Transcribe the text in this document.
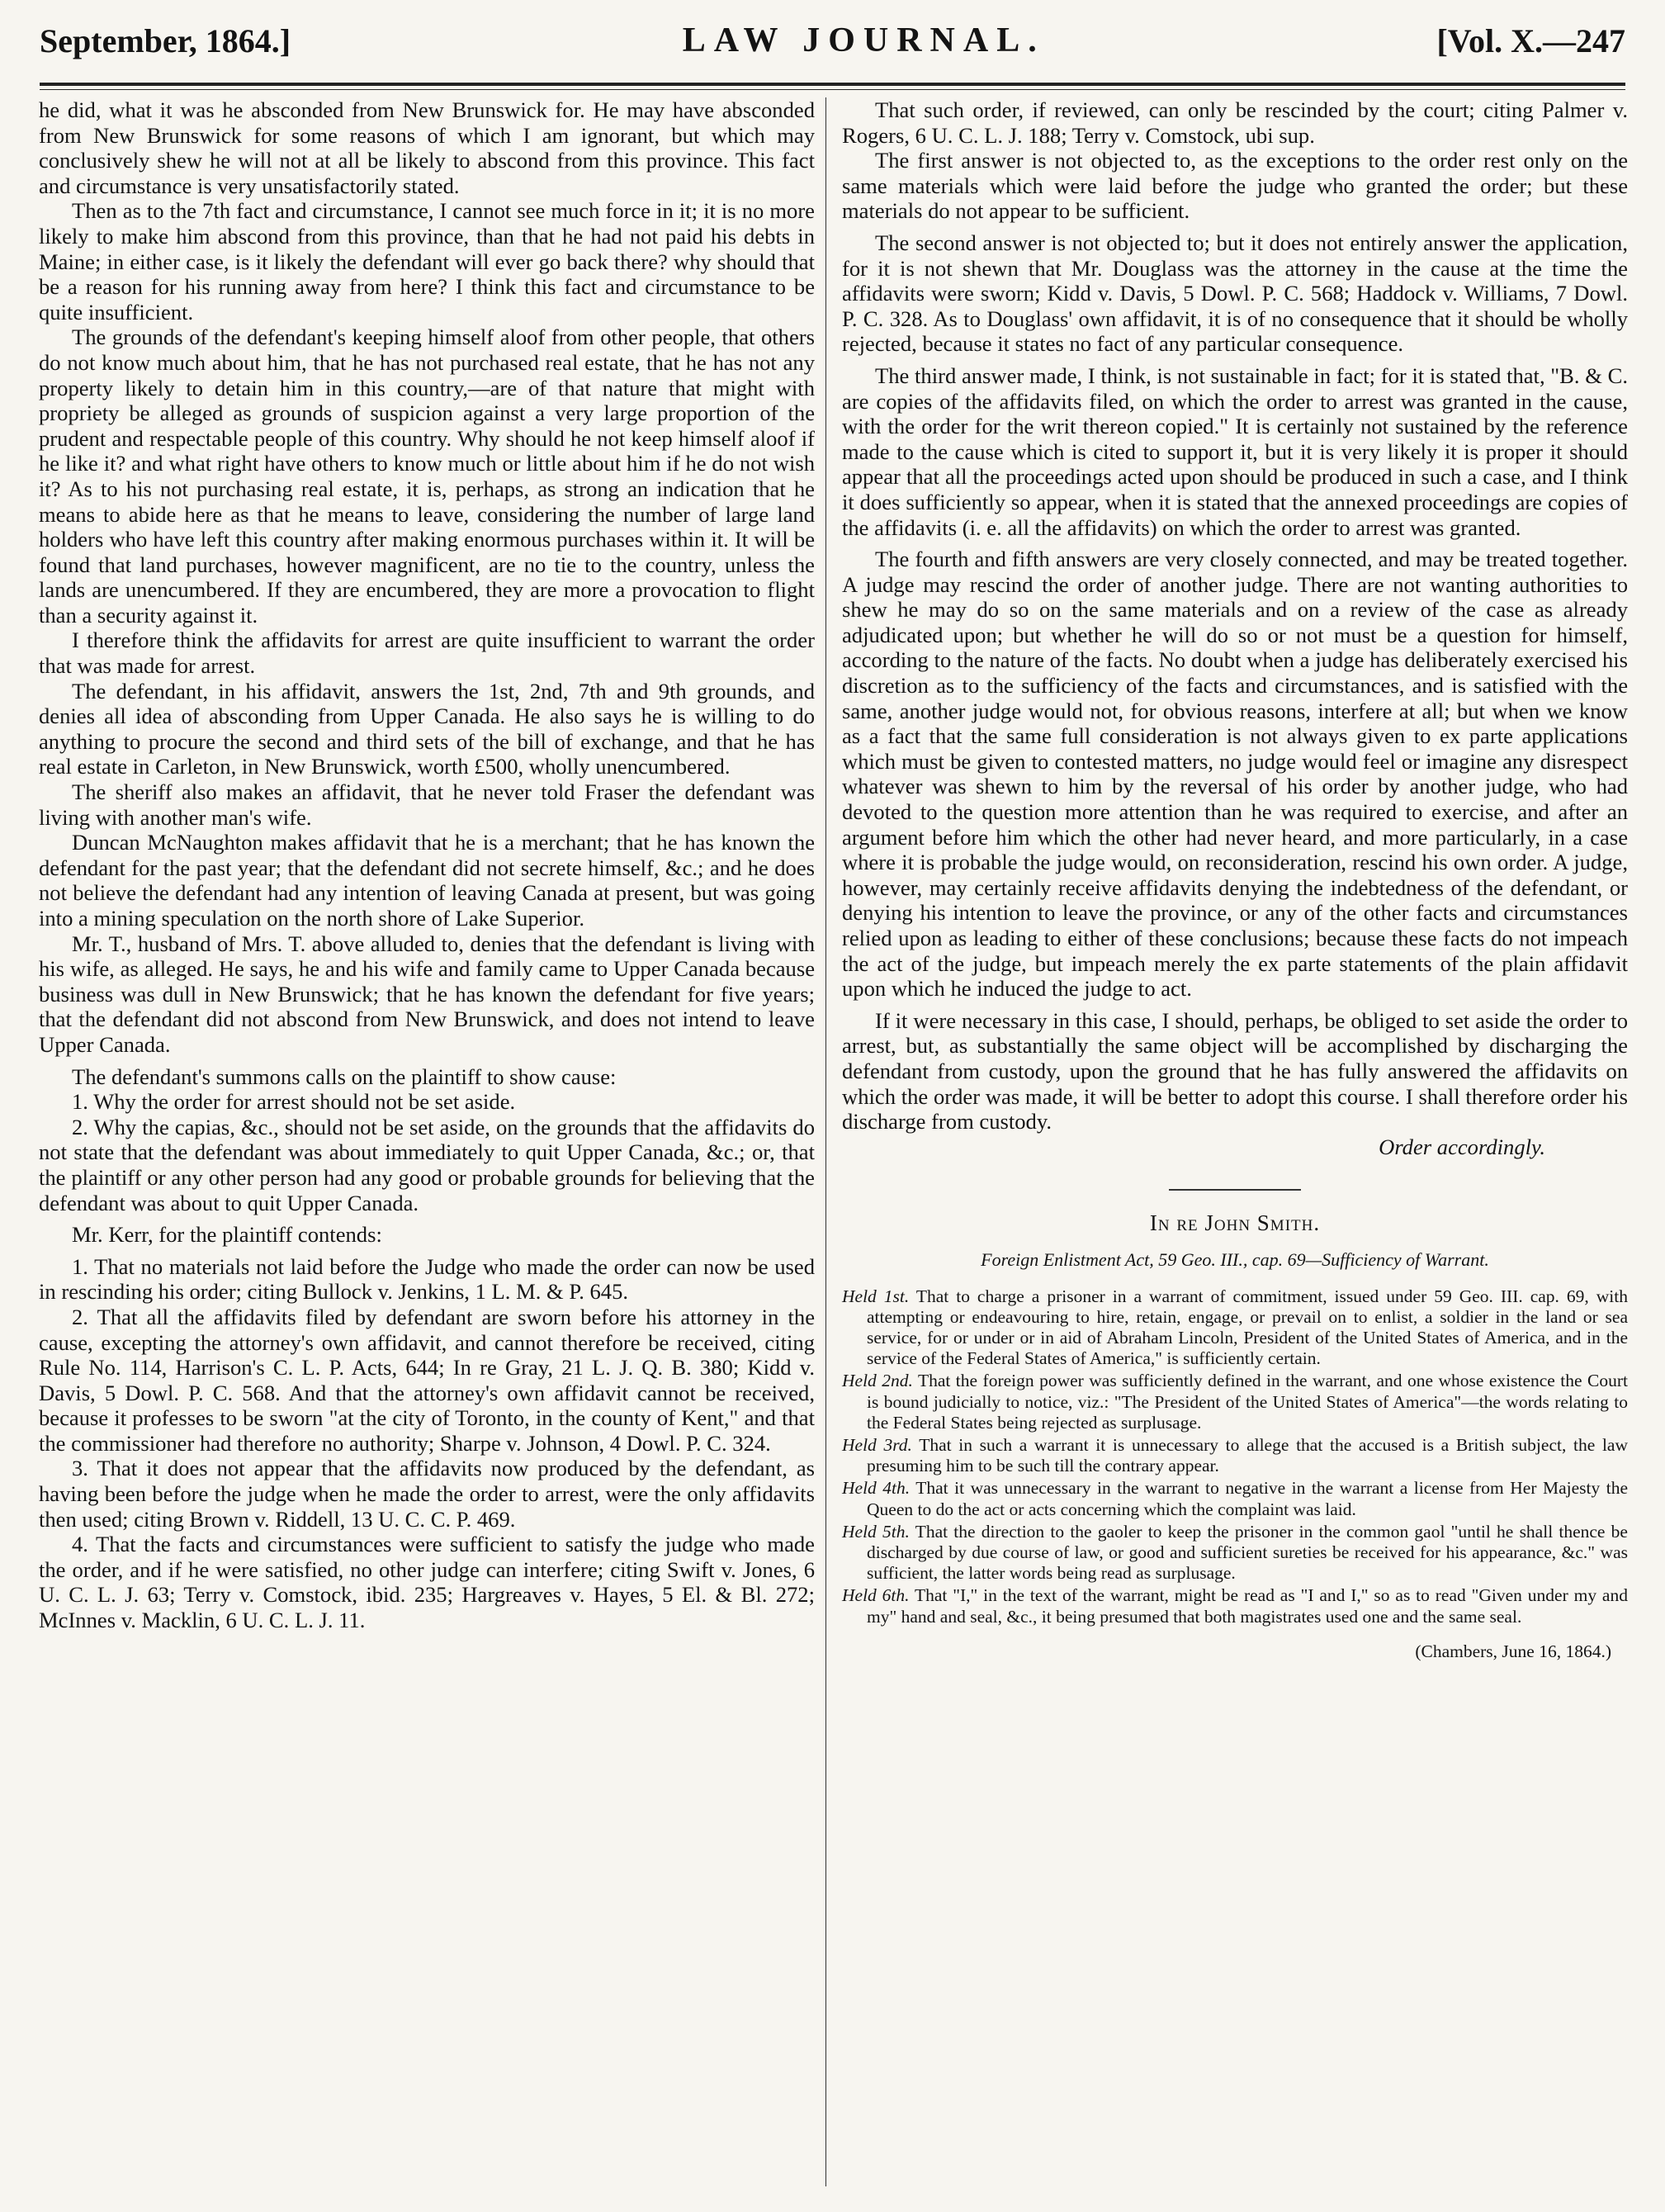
September, 1864.]	LAW JOURNAL.	[Vol. X.—247

he did, what it was he absconded from New Brunswick for. He may have absconded from New Brunswick for some reasons of which I am ignorant, but which may conclusively shew he will not at all be likely to abscond from this province. This fact and circumstance is very unsatisfactorily stated.

Then as to the 7th fact and circumstance, I cannot see much force in it; it is no more likely to make him abscond from this province, than that he had not paid his debts in Maine; in either case, is it likely the defendant will ever go back there? why should that be a reason for his running away from here? I think this fact and circumstance to be quite insufficient.

The grounds of the defendant's keeping himself aloof from other people, that others do not know much about him, that he has not purchased real estate, that he has not any property likely to detain him in this country,—are of that nature that might with propriety be alleged as grounds of suspicion against a very large proportion of the prudent and respectable people of this country. Why should he not keep himself aloof if he like it? and what right have others to know much or little about him if he do not wish it? As to his not purchasing real estate, it is, perhaps, as strong an indication that he means to abide here as that he means to leave, considering the number of large land holders who have left this country after making enormous purchases within it. It will be found that land purchases, however magnificent, are no tie to the country, unless the lands are unencumbered. If they are encumbered, they are more a provocation to flight than a security against it.

I therefore think the affidavits for arrest are quite insufficient to warrant the order that was made for arrest.

The defendant, in his affidavit, answers the 1st, 2nd, 7th and 9th grounds, and denies all idea of absconding from Upper Canada. He also says he is willing to do anything to procure the second and third sets of the bill of exchange, and that he has real estate in Carleton, in New Brunswick, worth £500, wholly unencumbered.

The sheriff also makes an affidavit, that he never told Fraser the defendant was living with another man's wife.

Duncan McNaughton makes affidavit that he is a merchant; that he has known the defendant for the past year; that the defendant did not secrete himself, &c.; and he does not believe the defendant had any intention of leaving Canada at present, but was going into a mining speculation on the north shore of Lake Superior.

Mr. T., husband of Mrs. T. above alluded to, denies that the defendant is living with his wife, as alleged. He says, he and his wife and family came to Upper Canada because business was dull in New Brunswick; that he has known the defendant for five years; that the defendant did not abscond from New Brunswick, and does not intend to leave Upper Canada.

The defendant's summons calls on the plaintiff to show cause:

1. Why the order for arrest should not be set aside.

2. Why the capias, &c., should not be set aside, on the grounds that the affidavits do not state that the defendant was about immediately to quit Upper Canada, &c.; or, that the plaintiff or any other person had any good or probable grounds for believing that the defendant was about to quit Upper Canada.

Mr. Kerr, for the plaintiff contends:

1. That no materials not laid before the Judge who made the order can now be used in rescinding his order; citing Bullock v. Jenkins, 1 L. M. & P. 645.

2. That all the affidavits filed by defendant are sworn before his attorney in the cause, excepting the attorney's own affidavit, and cannot therefore be received, citing Rule No. 114, Harrison's C. L. P. Acts, 644; In re Gray, 21 L. J. Q. B. 380; Kidd v. Davis, 5 Dowl. P. C. 568. And that the attorney's own affidavit cannot be received, because it professes to be sworn "at the city of Toronto, in the county of Kent," and that the commissioner had therefore no authority; Sharpe v. Johnson, 4 Dowl. P. C. 324.

3. That it does not appear that the affidavits now produced by the defendant, as having been before the judge when he made the order to arrest, were the only affidavits then used; citing Brown v. Riddell, 13 U. C. C. P. 469.

4. That the facts and circumstances were sufficient to satisfy the judge who made the order, and if he were satisfied, no other judge can interfere; citing Swift v. Jones, 6 U. C. L. J. 63; Terry v. Comstock, ibid. 235; Hargreaves v. Hayes, 5 El. & Bl. 272; McInnes v. Macklin, 6 U. C. L. J. 11.

That such order, if reviewed, can only be rescinded by the court; citing Palmer v. Rogers, 6 U. C. L. J. 188; Terry v. Comstock, ubi sup.

The first answer is not objected to, as the exceptions to the order rest only on the same materials which were laid before the judge who granted the order; but these materials do not appear to be sufficient.

The second answer is not objected to; but it does not entirely answer the application, for it is not shewn that Mr. Douglass was the attorney in the cause at the time the affidavits were sworn; Kidd v. Davis, 5 Dowl. P. C. 568; Haddock v. Williams, 7 Dowl. P. C. 328. As to Douglass' own affidavit, it is of no consequence that it should be wholly rejected, because it states no fact of any particular consequence.

The third answer made, I think, is not sustainable in fact; for it is stated that, "B. & C. are copies of the affidavits filed, on which the order to arrest was granted in the cause, with the order for the writ thereon copied." It is certainly not sustained by the reference made to the cause which is cited to support it, but it is very likely it is proper it should appear that all the proceedings acted upon should be produced in such a case, and I think it does sufficiently so appear, when it is stated that the annexed proceedings are copies of the affidavits (i. e. all the affidavits) on which the order to arrest was granted.

The fourth and fifth answers are very closely connected, and may be treated together. A judge may rescind the order of another judge. There are not wanting authorities to shew he may do so on the same materials and on a review of the case as already adjudicated upon; but whether he will do so or not must be a question for himself, according to the nature of the facts. No doubt when a judge has deliberately exercised his discretion as to the sufficiency of the facts and circumstances, and is satisfied with the same, another judge would not, for obvious reasons, interfere at all; but when we know as a fact that the same full consideration is not always given to ex parte applications which must be given to contested matters, no judge would feel or imagine any disrespect whatever was shewn to him by the reversal of his order by another judge, who had devoted to the question more attention than he was required to exercise, and after an argument before him which the other had never heard, and more particularly, in a case where it is probable the judge would, on reconsideration, rescind his own order. A judge, however, may certainly receive affidavits denying the indebtedness of the defendant, or denying his intention to leave the province, or any of the other facts and circumstances relied upon as leading to either of these conclusions; because these facts do not impeach the act of the judge, but impeach merely the ex parte statements of the plain affidavit upon which he induced the judge to act.

If it were necessary in this case, I should, perhaps, be obliged to set aside the order to arrest, but, as substantially the same object will be accomplished by discharging the defendant from custody, upon the ground that he has fully answered the affidavits on which the order was made, it will be better to adopt this course. I shall therefore order his discharge from custody.

Order accordingly.

In re John Smith.
Foreign Enlistment Act, 59 Geo. III., cap. 69—Sufficiency of Warrant.

Held 1st. That to charge a prisoner in a warrant of commitment, issued under 59 Geo. III. cap. 69, with attempting or endeavouring to hire, retain, engage, or prevail on to enlist, a soldier in the land or sea service, for or under or in aid of Abraham Lincoln, President of the United States of America, and in the service of the Federal States of America," is sufficiently certain.

Held 2nd. That the foreign power was sufficiently defined in the warrant, and one whose existence the Court is bound judicially to notice, viz.: "The President of the United States of America"—the words relating to the Federal States being rejected as surplusage.

Held 3rd. That in such a warrant it is unnecessary to allege that the accused is a British subject, the law presuming him to be such till the contrary appear.

Held 4th. That it was unnecessary in the warrant to negative in the warrant a license from Her Majesty the Queen to do the act or acts concerning which the complaint was laid.

Held 5th. That the direction to the gaoler to keep the prisoner in the common gaol "until he shall thence be discharged by due course of law, or good and sufficient sureties be received for his appearance, &c." was sufficient, the latter words being read as surplusage.

Held 6th. That "I," in the text of the warrant, might be read as "I and I," so as to read "Given under my and my" hand and seal, &c., it being presumed that both magistrates used one and the same seal.

(Chambers, June 16, 1864.)
